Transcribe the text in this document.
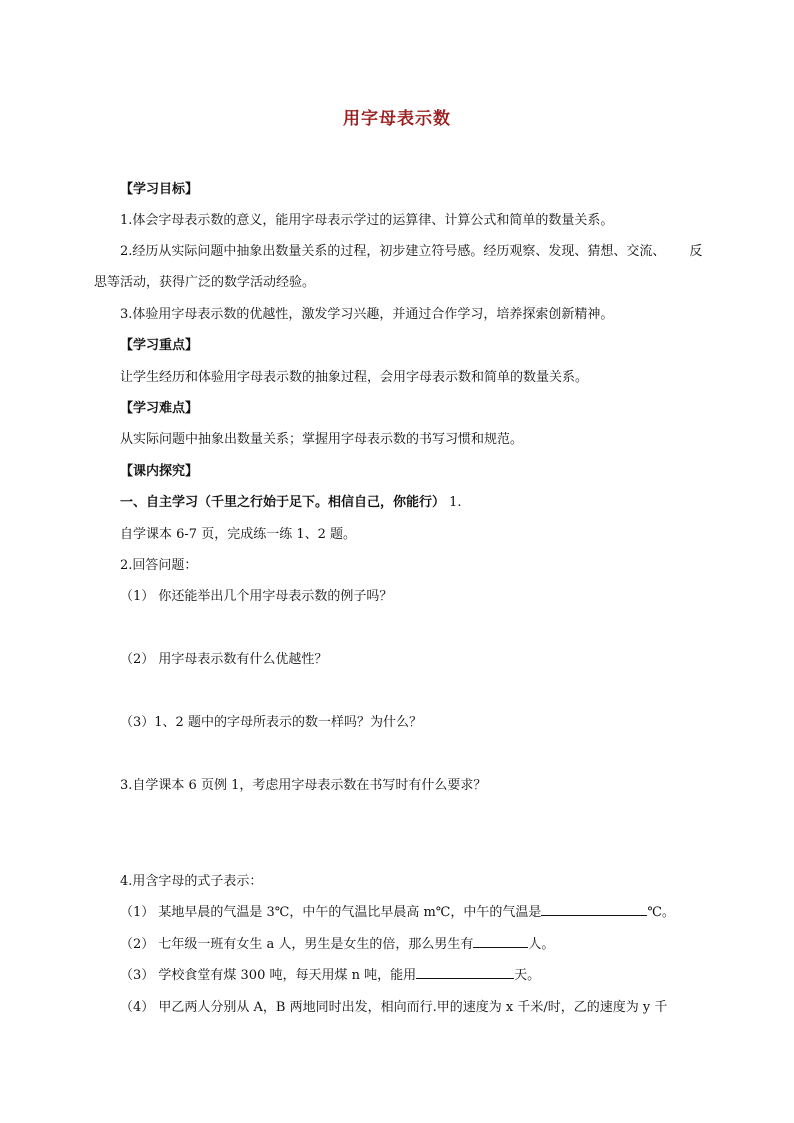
用字母表示数
【学习目标】
1.体会字母表示数的意义，能用字母表示学过的运算律、计算公式和简单的数量关系。
2.经历从实际问题中抽象出数量关系的过程，初步建立符号感。经历观察、发现、猜想、交流、 反
思等活动，获得广泛的数学活动经验。
3.体验用字母表示数的优越性，激发学习兴趣，并通过合作学习，培养探索创新精神。
【学习重点】
让学生经历和体验用字母表示数的抽象过程，会用字母表示数和简单的数量关系。
【学习难点】
从实际问题中抽象出数量关系；掌握用字母表示数的书写习惯和规范。
【课内探究】
一、自主学习（千里之行始于足下。相信自己，你能行） 1.
自学课本 6-7 页，完成练一练 1、2 题。
2.回答问题：
（1） 你还能举出几个用字母表示数的例子吗？
（2） 用字母表示数有什么优越性？
（3）1、2 题中的字母所表示的数一样吗？为什么？
3.自学课本 6 页例 1，考虑用字母表示数在书写时有什么要求？
4.用含字母的式子表示：
（1） 某地早晨的气温是 3℃，中午的气温比早晨高 m℃，中午的气温是	℃。
（2） 七年级一班有女生 a 人，男生是女生的倍，那么男生有	人。
（3） 学校食堂有煤 300 吨，每天用煤 n 吨，能用	天。
（4） 甲乙两人分别从 A，B 两地同时出发，相向而行.甲的速度为 x 千米/时，乙的速度为 y 千
